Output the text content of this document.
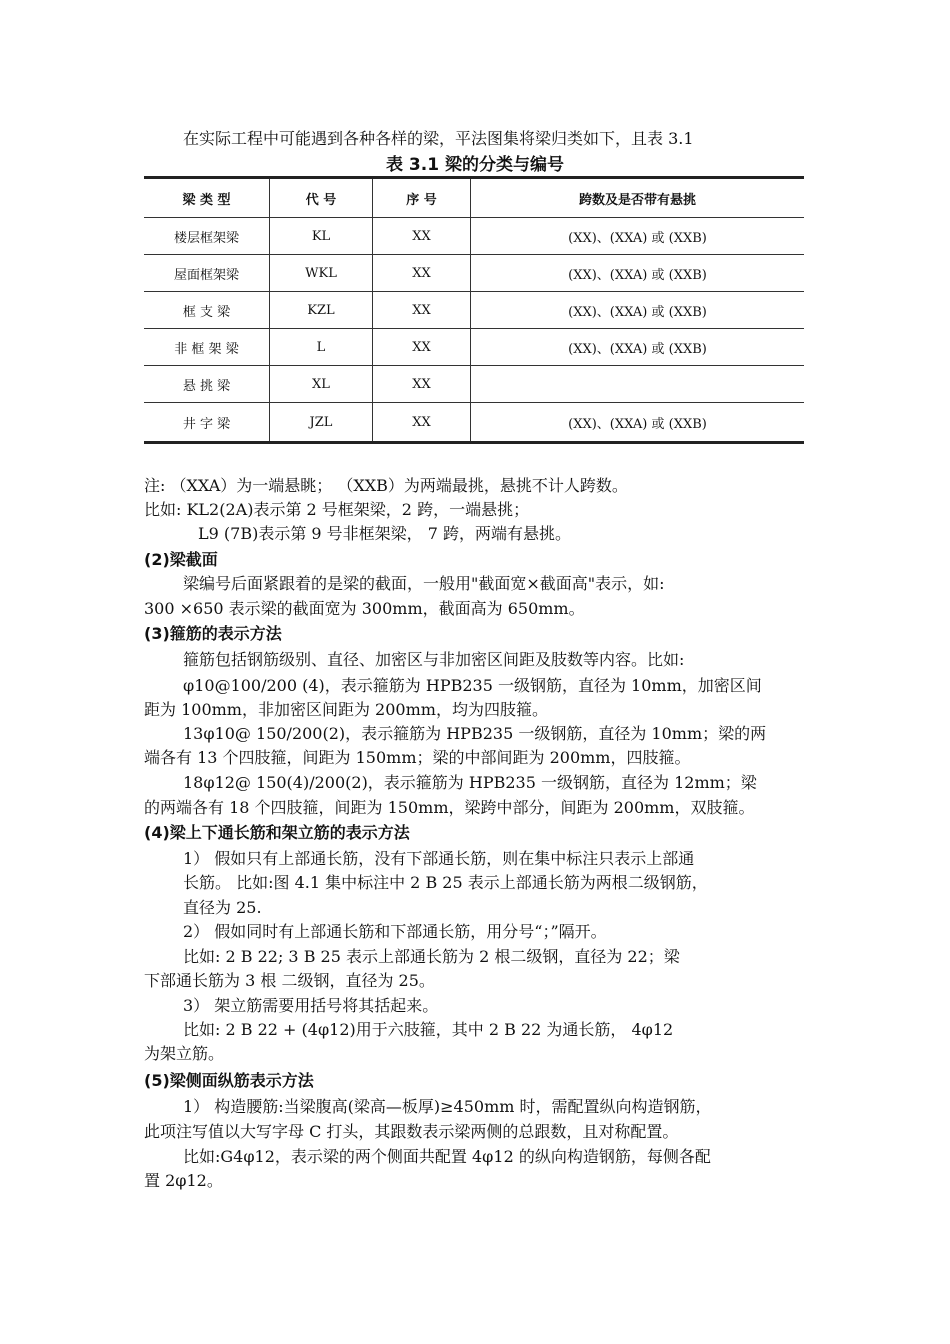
在实际工程中可能遇到各种各样的梁，平法图集将梁归类如下，且表 3.1
表 3.1 梁的分类与编号
梁 类 型	代 号	序 号	跨数及是否带有悬挑
楼层框架梁	KL	XX	(XX)、(XXA) 或 (XXB)
屋面框架梁	WKL	XX	(XX)、(XXA) 或 (XXB)
框 支 梁	KZL	XX	(XX)、(XXA) 或 (XXB)
非 框 架 梁	L	XX	(XX)、(XXA) 或 (XXB)
悬 挑 梁	XL	XX	
井 字 梁	JZL	XX	(XX)、(XXA) 或 (XXB)
注: （XXA）为一端悬眺； （XXB）为两端最挑，悬挑不计人跨数。
比如: KL2(2A)表示第 2 号框架梁，2 跨，一端悬挑；
L9 (7B)表示第 9 号非框架梁， 7 跨，两端有悬挑。
(2)梁截面
梁编号后面紧跟着的是梁的截面，一般用"截面宽×截面高"表示，如:
300 ×650 表示梁的截面宽为 300mm，截面高为 650mm。
(3)箍筋的表示方法
箍筋包括钢筋级别、直径、加密区与非加密区间距及肢数等内容。比如:
φ10@100/200 (4)，表示箍筋为 HPB235 一级钢筋，直径为 10mm，加密区间
距为 100mm，非加密区间距为 200mm，均为四肢箍。
13φ10@ 150/200(2)，表示箍筋为 HPB235 一级钢筋，直径为 10mm；梁的两
端各有 13 个四肢箍，间距为 150mm；梁的中部间距为 200mm，四肢箍。
18φ12@ 150(4)/200(2)，表示箍筋为 HPB235 一级钢筋，直径为 12mm；梁
的两端各有 18 个四肢箍，间距为 150mm，梁跨中部分，间距为 200mm，双肢箍。
(4)梁上下通长筋和架立筋的表示方法
1） 假如只有上部通长筋，没有下部通长筋，则在集中标注只表示上部通
长筋。 比如:图 4.1 集中标注中 2 B 25 表示上部通长筋为两根二级钢筋，
直径为 25.
2） 假如同时有上部通长筋和下部通长筋，用分号“；”隔开。
比如: 2 B 22; 3 B 25 表示上部通长筋为 2 根二级钢，直径为 22；梁
下部通长筋为 3 根 二级钢，直径为 25。
3） 架立筋需要用括号将其括起来。
比如: 2 B 22 + (4φ12)用于六肢箍，其中 2 B 22 为通长筋， 4φ12
为架立筋。
(5)梁侧面纵筋表示方法
1） 构造腰筋:当梁腹高(梁高—板厚)≥450mm 时，需配置纵向构造钢筋，
此项注写值以大写字母 C 打头，其跟数表示梁两侧的总跟数，且对称配置。
比如:G4φ12，表示梁的两个侧面共配置 4φ12 的纵向构造钢筋，每侧各配
置 2φ12。
